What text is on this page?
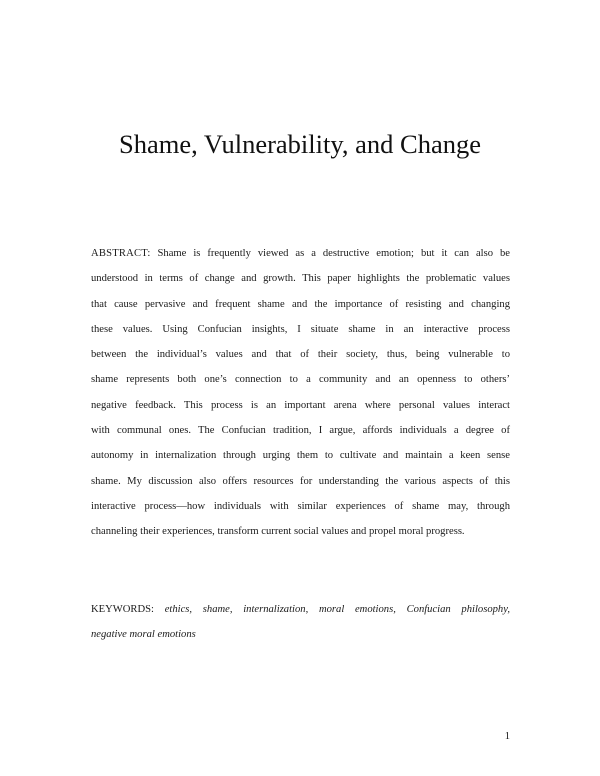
Shame, Vulnerability, and Change
ABSTRACT: Shame is frequently viewed as a destructive emotion; but it can also be
understood in terms of change and growth. This paper highlights the problematic values
that cause pervasive and frequent shame and the importance of resisting and changing
these values. Using Confucian insights, I situate shame in an interactive process
between the individual’s values and that of their society, thus, being vulnerable to
shame represents both one’s connection to a community and an openness to others’
negative feedback. This process is an important arena where personal values interact
with communal ones. The Confucian tradition, I argue, affords individuals a degree of
autonomy in internalization through urging them to cultivate and maintain a keen sense
shame. My discussion also offers resources for understanding the various aspects of this
interactive process—how individuals with similar experiences of shame may, through
channeling their experiences, transform current social values and propel moral progress.
KEYWORDS: ethics, shame, internalization, moral emotions, Confucian philosophy,
negative moral emotions
1
